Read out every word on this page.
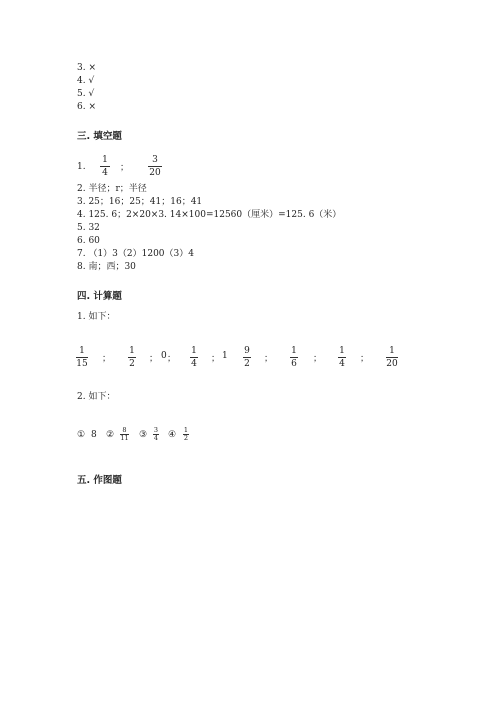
3. ×
4. √
5. √
6. ×
三. 填空题
1.
1
4 ；
3
20
2. 半径；r；半径
3. 25；16；25；41；16；41
4. 125. 6；2×20×3. 14×100=12560（厘米）=125. 6（米）
5. 32
6. 60
7. （1）3（2）1200（3）4
8. 南；西；30
四. 计算题
1. 如下：
1
15 ；
1
2 ； 0 ；
1
4 ； 1 9
2 ；
1
6 ；
1
4 ；
1
20
2. 如下：
① 8 ②	8
11 ③ 3
4 ④ 1
2
五. 作图题
